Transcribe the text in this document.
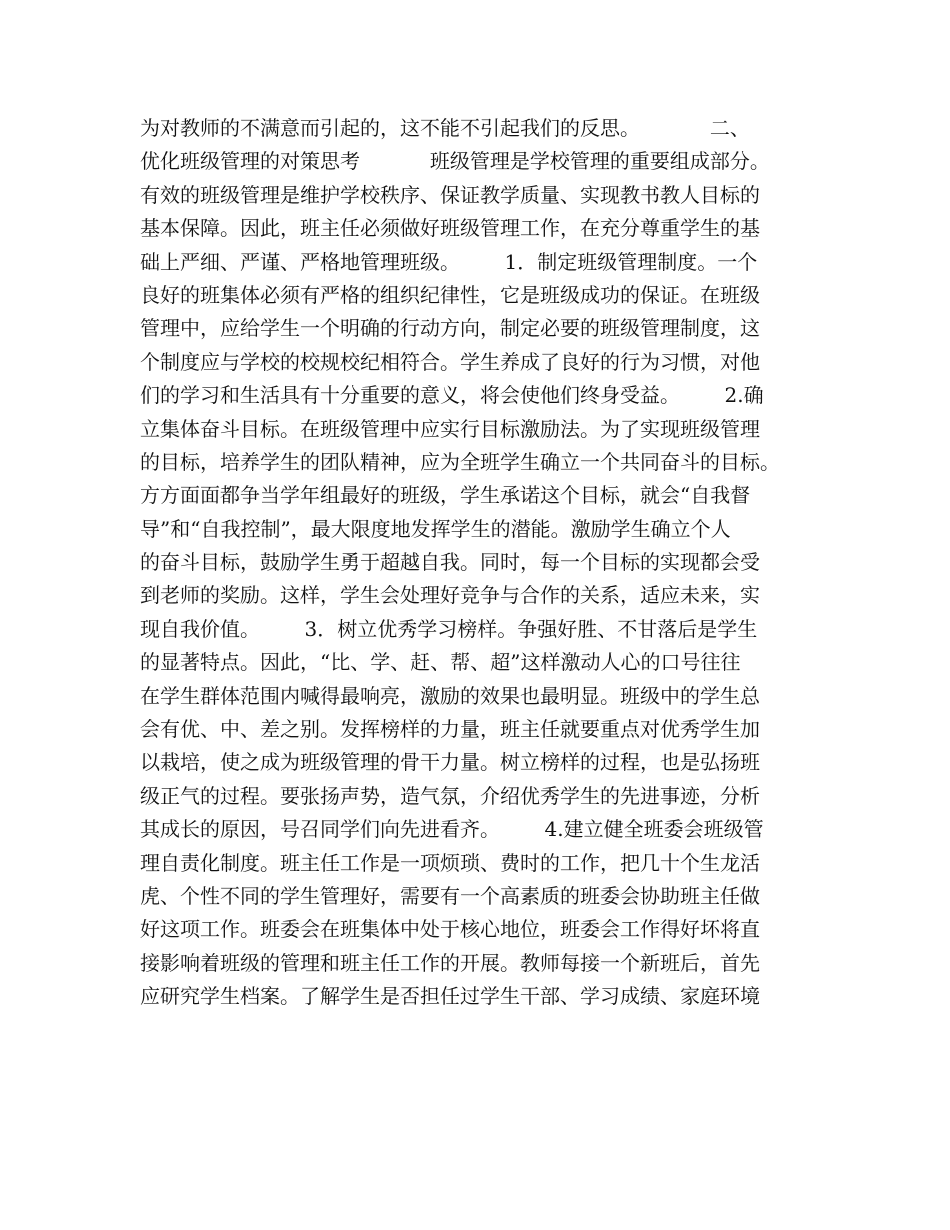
为对教师的不满意而引起的，这不能不引起我们的反思。           二、
优化班级管理的对策思考           班级管理是学校管理的重要组成部分。
有效的班级管理是维护学校秩序、保证教学质量、实现教书教人目标的
基本保障。因此，班主任必须做好班级管理工作，在充分尊重学生的基
础上严细、严谨、严格地管理班级。       1．制定班级管理制度。一个
良好的班集体必须有严格的组织纪律性，它是班级成功的保证。在班级
管理中，应给学生一个明确的行动方向，制定必要的班级管理制度，这
个制度应与学校的校规校纪相符合。学生养成了良好的行为习惯，对他
们的学习和生活具有十分重要的意义，将会使他们终身受益。       2.确
立集体奋斗目标。在班级管理中应实行目标激励法。为了实现班级管理
的目标，培养学生的团队精神，应为全班学生确立一个共同奋斗的目标。
方方面面都争当学年组最好的班级，学生承诺这个目标，就会“自我督
导”和“自我控制”，最大限度地发挥学生的潜能。激励学生确立个人
的奋斗目标，鼓励学生勇于超越自我。同时，每一个目标的实现都会受
到老师的奖励。这样，学生会处理好竞争与合作的关系，适应未来，实
现自我价值。       3．树立优秀学习榜样。争强好胜、不甘落后是学生
的显著特点。因此，“比、学、赶、帮、超”这样激动人心的口号往往
在学生群体范围内喊得最响亮，激励的效果也最明显。班级中的学生总
会有优、中、差之别。发挥榜样的力量，班主任就要重点对优秀学生加
以栽培，使之成为班级管理的骨干力量。树立榜样的过程，也是弘扬班
级正气的过程。要张扬声势，造气氛，介绍优秀学生的先进事迹，分析
其成长的原因，号召同学们向先进看齐。       4.建立健全班委会班级管
理自责化制度。班主任工作是一项烦琐、费时的工作，把几十个生龙活
虎、个性不同的学生管理好，需要有一个高素质的班委会协助班主任做
好这项工作。班委会在班集体中处于核心地位，班委会工作得好坏将直
接影响着班级的管理和班主任工作的开展。教师每接一个新班后，首先
应研究学生档案。了解学生是否担任过学生干部、学习成绩、家庭环境
